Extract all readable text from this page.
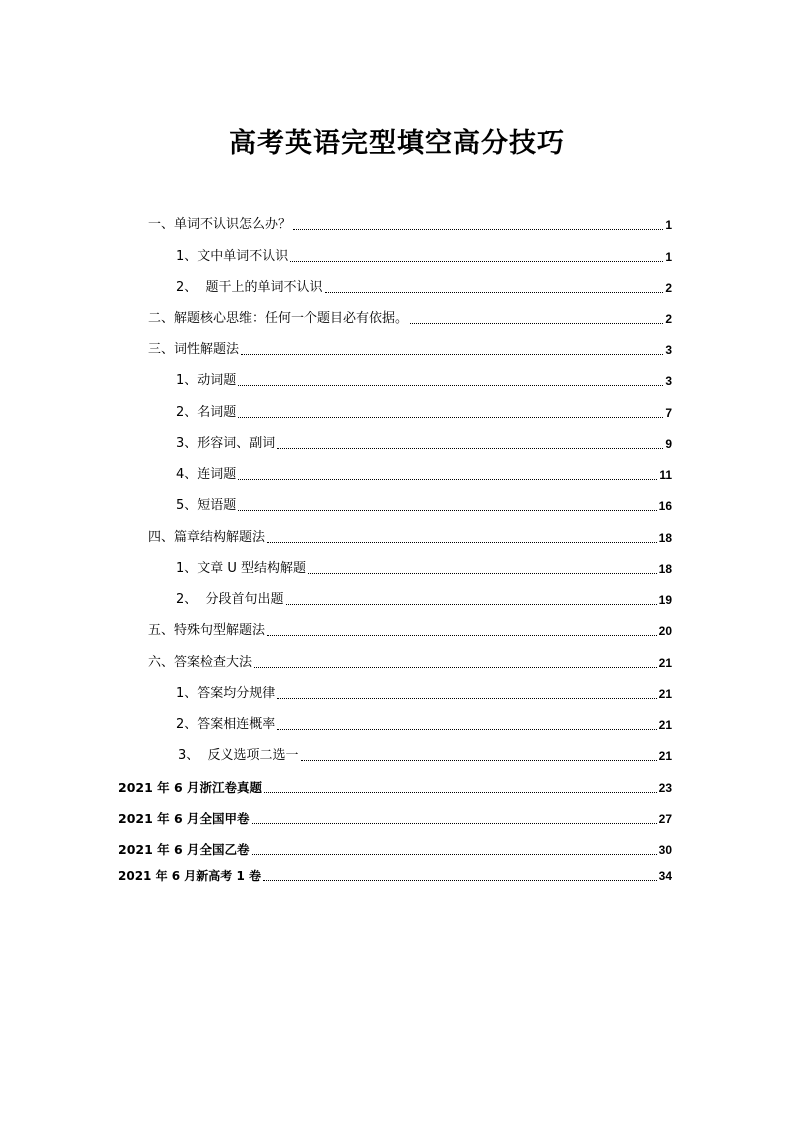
高考英语完型填空高分技巧
一、单词不认识怎么办？	1
1、文中单词不认识	1
2、  题干上的单词不认识	2
二、解题核心思维：任何一个题目必有依据。	2
三、词性解题法	3
1、动词题	3
2、名词题	7
3、形容词、副词	9
4、连词题	11
5、短语题	16
四、篇章结构解题法	18
1、文章 U 型结构解题	18
2、  分段首句出题	19
五、特殊句型解题法	20
六、答案检查大法	21
1、答案均分规律	21
2、答案相连概率	21
3、  反义选项二选一	21
2021 年 6 月浙江卷真题	23
2021 年 6 月全国甲卷	27
2021 年 6 月全国乙卷	30
2021 年 6 月新高考 1 卷	34
